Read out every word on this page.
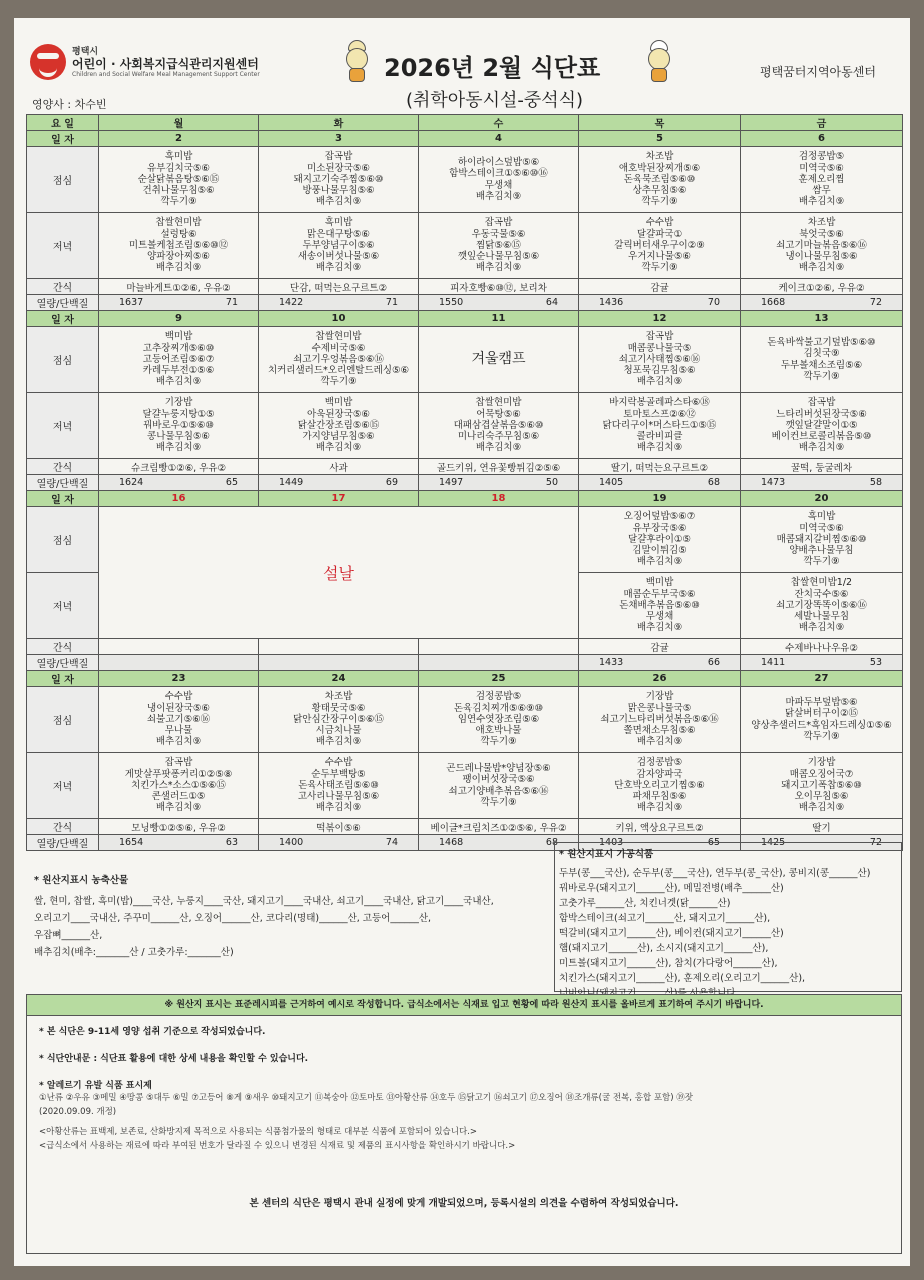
평택시
어린이 · 사회복지급식관리지원센터
Children and Social Welfare Meal Management Support Center	2026년 2월 식단표
(취학아동시설-중석식)
평택꿈터지역아동센터
영양사 : 차수빈
요 일	월	화	수	목	금
일 자	2	3	4	5	6
점심	흑미밥
유부김치국⑤⑥
순살닭볶음탕⑤⑥⑮
건취나물무침⑤⑥
깍두기⑨	잡곡밥
미소된장국⑤⑥
돼지고기숙주찜⑤⑥⑩
방풍나물무침⑤⑥
배추김치⑨	하이라이스덮밥⑤⑥
함박스테이크①⑤⑥⑩⑯
무생채
배추김치⑨	차조밥
애호박된장찌개⑤⑥
돈육묵조림⑤⑥⑩
상추무침⑤⑥
깍두기⑨	검정콩밥⑤
미역국⑤⑥
훈제오리찜
쌈무
배추김치⑨

저녁	찹쌀현미밥
설렁탕⑥
미트볼케첩조림⑤⑥⑩⑫
양파장아찌⑤⑥
배추김치⑨	흑미밥
맑은대구탕⑤⑥
두부양념구이⑤⑥
새송이버섯나물⑤⑥
배추김치⑨	잡곡밥
우동국물⑤⑥
찜닭⑤⑥⑮
깻잎순나물무침⑤⑥
배추김치⑨	수수밥
달걀파국①
갈릭버터새우구이②⑨
우거지나물⑤⑥
깍두기⑨	차조밥
북엇국⑤⑥
쇠고기마늘볶음⑤⑥⑯
냉이나물무침⑤⑥
배추김치⑨

간식	마늘바게트①②⑥, 우유②	단감, 떠먹는요구르트②	피자호빵⑥⑩⑫, 보리차	감귤	케이크①②⑥, 우유②
열량/단백질	1637 71	1422 71	1550 64	1436 70	1668 72

일 자	9	10	11	12	13
점심	백미밥
고추장찌개⑤⑥⑩
고등어조림⑤⑥⑦
카레두부전①⑤⑥
배추김치⑨	찹쌀현미밥
수제비국⑤⑥
쇠고기우엉볶음⑤⑥⑯
치커리샐러드*오리엔탈드레싱⑤⑥
깍두기⑨	겨울캠프	잡곡밥
매콤콩나물국⑤
쇠고기사태찜⑤⑥⑯
청포묵김무침⑤⑥
배추김치⑨	돈육바싹불고기덮밥⑤⑥⑩
김칫국⑨
두부볼채소조림⑤⑥
깍두기⑨

저녁	기장밥
달걀누룽지탕①⑤
꿔바로우①⑤⑥⑩
콩나물무침⑤⑥
배추김치⑨	백미밥
아욱된장국⑤⑥
닭살간장조림⑤⑥⑮
가지양념무침⑤⑥
배추김치⑨	찹쌀현미밥
어묵탕⑤⑥
대패삼겹살볶음⑤⑥⑩
미나리숙주무침⑤⑥
배추김치⑨	바지락봉골레파스타⑥⑱
토마토스프②⑥⑫
닭다리구이*머스타드①⑤⑮
콜라비피클
배추김치⑨	잡곡밥
느타리버섯된장국⑤⑥
깻잎달걀말이①⑤
베이컨브로콜리볶음⑤⑩
배추김치⑨

간식	슈크림빵①②⑥, 우유②	사과	골드키위, 연유꽃빵튀김②⑤⑥	딸기, 떠먹는요구르트②	꿀떡, 둥굴레차
열량/단백질	1624 65	1449 69	1497 50	1405 68	1473 58

일 자	16	17	18	19	20
점심	설날			오징어덮밥⑤⑥⑦
유부장국⑤⑥
달걀후라이①⑤
김말이튀김⑤
배추김치⑨	흑미밥
미역국⑤⑥
매콤돼지갈비찜⑤⑥⑩
양배추나물무침
깍두기⑨

저녁				백미밥
매콤순두부국⑤⑥
돈채배추볶음⑤⑥⑩
무생채
배추김치⑨	찹쌀현미밥1/2
잔치국수⑤⑥
쇠고기장똑똑이⑤⑥⑯
세발나물무침
배추김치⑨

간식				감귤	수제바나나우유②
열량/단백질				1433 66	1411 53

일 자	23	24	25	26	27
점심	수수밥
냉이된장국⑤⑥
쇠불고기⑤⑥⑯
무나물
배추김치⑨	차조밥
황태뭇국⑤⑥
닭안심간장구이⑤⑥⑮
시금치나물
배추김치⑨	검정콩밥⑤
돈육김치찌개⑤⑥⑨⑩
임연수엿장조림⑤⑥
애호박나물
깍두기⑨	기장밥
맑은콩나물국⑤
쇠고기느타리버섯볶음⑤⑥⑯
쫄면채소무침⑤⑥
배추김치⑨	마파두부덮밥⑤⑥
닭살버터구이②⑮
양상추샐러드*흑임자드레싱①⑤⑥
깍두기⑨

저녁	잡곡밥
게맛살푸팟퐁커리①②⑤⑧
치킨가스*소스①⑤⑥⑮
콘샐러드①⑤
배추김치⑨	수수밥
순두부백탕⑤
돈육사태조림⑤⑥⑩
고사리나물무침⑤⑥
배추김치⑨	곤드레나물밥*양념장⑤⑥
팽이버섯장국⑤⑥
쇠고기양배추볶음⑤⑥⑯
깍두기⑨	검정콩밥⑤
감자양파국
단호박오리고기찜⑤⑥
파채무침⑤⑥
배추김치⑨	기장밥
매콤오징어국⑦
돼지고기폭찹⑤⑥⑩
오이무침⑤⑥
배추김치⑨

간식	모닝빵①②⑤⑥, 우유②	떡볶이⑤⑥	베이글*크림치즈①②⑤⑥, 우유②	키위, 액상요구르트②	딸기
열량/단백질	1654 63	1400 74	1468 68	1403 65	1425 72
* 원산지표시 농축산물
쌀, 현미, 찹쌀, 흑미(밥)____국산, 누룽지____국산, 돼지고기____국내산, 쇠고기____국내산, 닭고기____국내산,
오리고기____국내산, 주꾸미______산, 오징어______산, 코다리(명태)______산, 고등어______산,
우잡뼈______산,
배추김치(배추:_______산 / 고춧가루:_______산)
* 원산지표시 가공식품
두부(콩___국산), 순두부(콩___국산), 연두부(콩_국산), 콩비지(콩______산)
꿔바로우(돼지고기______산), 메밀전병(배추______산)
고춧가루______산, 치킨너겟(닭______산)
함박스테이크(쇠고기______산, 돼지고기______산),
떡갈비(돼지고기______산), 베이컨(돼지고기______산)
햄(돼지고기______산), 소시지(돼지고기______산),
미트볼(돼지고기______산), 참치(가다랑어______산),
치킨가스(돼지고기______산), 훈제오리(오리고기______산),
※ 원산지 표시는 표준레시피를 근거하여 예시로 작성합니다. 급식소에서는 식재료 입고 현황에 따라 원산지 표시를 올바르게 표기하여 주시기 바랍니다.
* 본 식단은 9-11세 영양 섭취 기준으로 작성되었습니다.
* 식단안내문 : 식단표 활용에 대한 상세 내용을 확인할 수 있습니다.
* 알레르기 유발 식품 표시제
①난류 ②우유 ③메밀 ④땅콩 ⑤대두 ⑥밀 ⑦고등어 ⑧게 ⑨새우 ⑩돼지고기 ⑪복숭아 ⑫토마토 ⑬아황산류 ⑭호두 ⑮닭고기 ⑯쇠고기 ⑰오징어 ⑱조개류(굴 전복, 홍합 포함) ⑲잣
(2020.09.09. 개정)
<아황산류는 표백제, 보존료, 산화방지제 목적으로 사용되는 식품첨가물의 형태로 대부분 식품에 포함되어 있습니다.>
<급식소에서 사용하는 재료에 따라 부여된 번호가 달라질 수 있으니 변경된 식재료 및 제품의 표시사항을 확인하시기 바랍니다.>
본 센터의 식단은 평택시 관내 실정에 맞게 개발되었으며, 등록시설의 의견을 수렴하여 작성되었습니다.
